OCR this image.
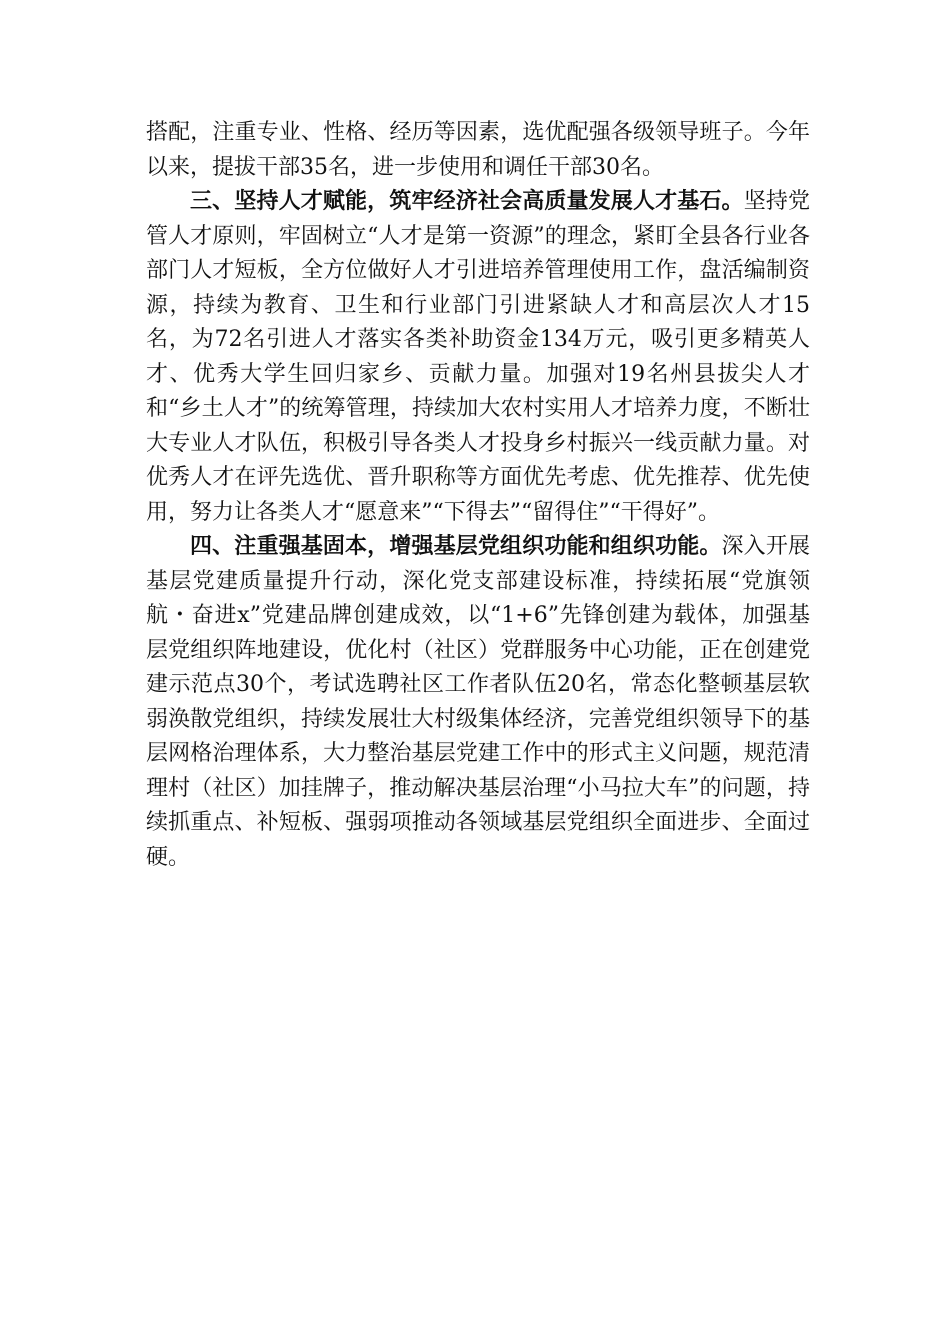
搭配，注重专业、性格、经历等因素，选优配强各级领导班子。今年以来，提拔干部35名，进一步使用和调任干部30名。

三、坚持人才赋能，筑牢经济社会高质量发展人才基石。坚持党管人才原则，牢固树立“人才是第一资源”的理念，紧盯全县各行业各部门人才短板，全方位做好人才引进培养管理使用工作，盘活编制资源，持续为教育、卫生和行业部门引进紧缺人才和高层次人才15名，为72名引进人才落实各类补助资金134万元，吸引更多精英人才、优秀大学生回归家乡、贡献力量。加强对19名州县拔尖人才和“乡土人才”的统筹管理，持续加大农村实用人才培养力度，不断壮大专业人才队伍，积极引导各类人才投身乡村振兴一线贡献力量。对优秀人才在评先选优、晋升职称等方面优先考虑、优先推荐、优先使用，努力让各类人才“愿意来”“下得去”“留得住”“干得好”。

四、注重强基固本，增强基层党组织功能和组织功能。深入开展基层党建质量提升行动，深化党支部建设标准，持续拓展“党旗领航・奋进x”党建品牌创建成效，以“1+6”先锋创建为载体，加强基层党组织阵地建设，优化村（社区）党群服务中心功能，正在创建党建示范点30个，考试选聘社区工作者队伍20名，常态化整顿基层软弱涣散党组织，持续发展壮大村级集体经济，完善党组织领导下的基层网格治理体系，大力整治基层党建工作中的形式主义问题，规范清理村（社区）加挂牌子，推动解决基层治理“小马拉大车”的问题，持续抓重点、补短板、强弱项推动各领域基层党组织全面进步、全面过硬。
